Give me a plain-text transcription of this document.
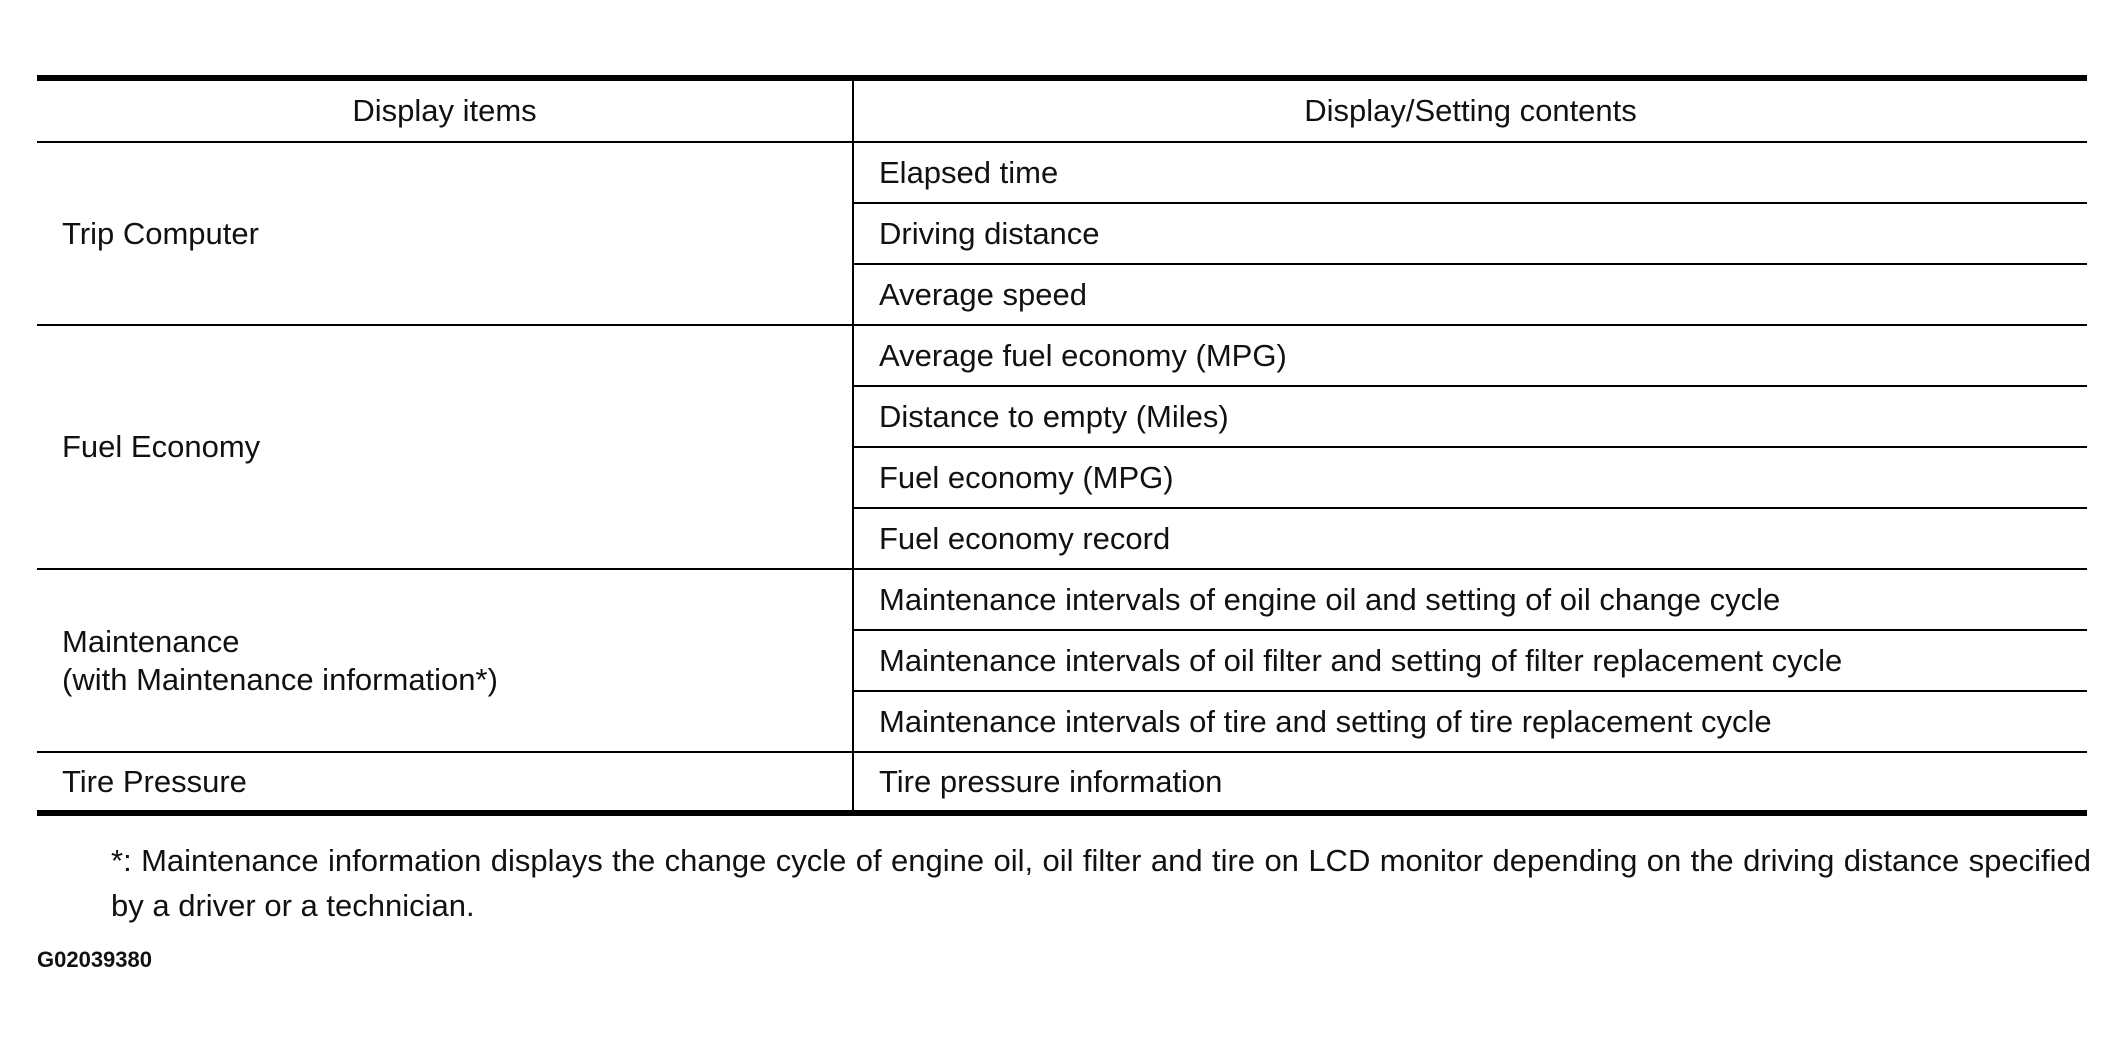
Display items	Display/Setting contents

Trip Computer	Elapsed time
	Driving distance
	Average speed

Fuel Economy	Average fuel economy (MPG)
	Distance to empty (Miles)
	Fuel economy (MPG)
	Fuel economy record

Maintenance
(with Maintenance information*)	Maintenance intervals of engine oil and setting of oil change cycle
	Maintenance intervals of oil filter and setting of filter replacement cycle
	Maintenance intervals of tire and setting of tire replacement cycle

Tire Pressure	Tire pressure information
*: Maintenance information displays the change cycle of engine oil, oil filter and tire on LCD monitor depending on the driving distance specified by a driver or a technician.
G02039380
